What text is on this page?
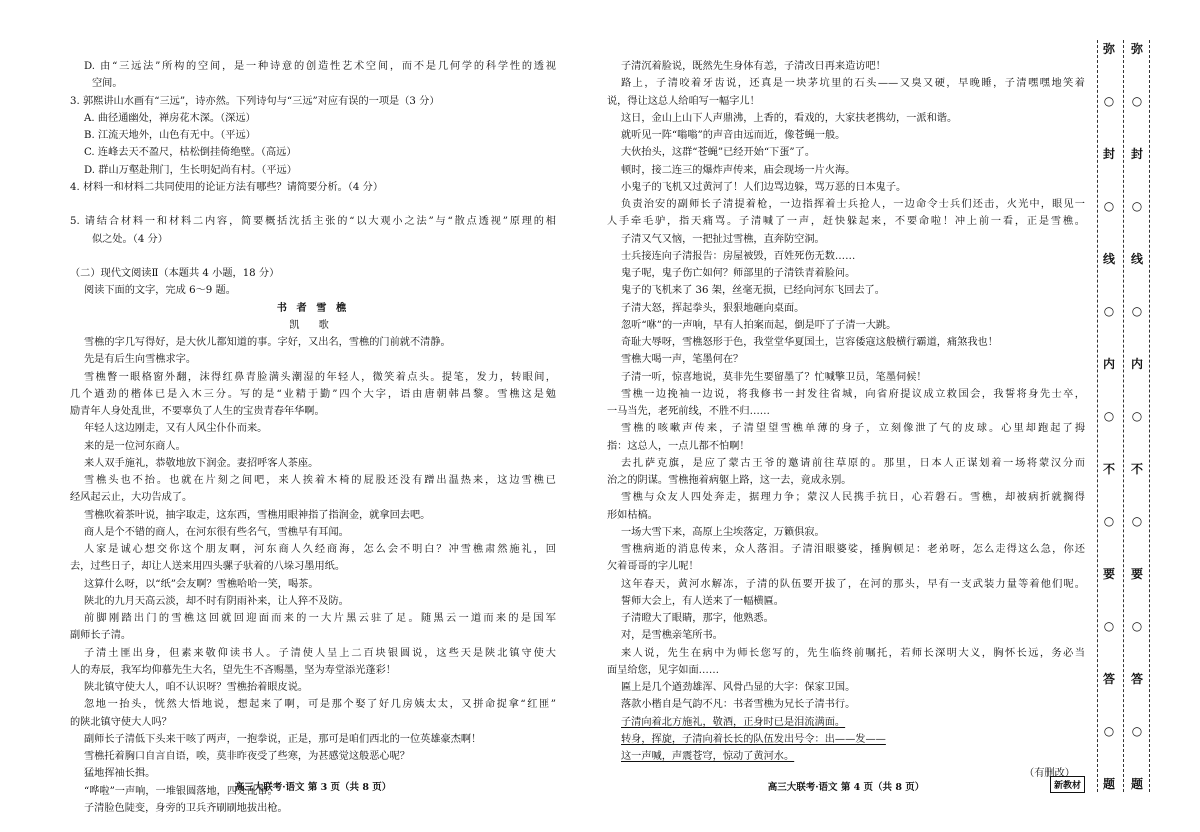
D. 由“三远法”所构的空间，是一种诗意的创造性艺术空间，而不是几何学的科学性的透视

空间。

3. 郭熙讲山水画有“三远”，诗亦然。下列诗句与“三远”对应有误的一项是（3 分）

A. 曲径通幽处，禅房花木深。（深远）

B. 江流天地外，山色有无中。（平远）

C. 连峰去天不盈尺，枯松倒挂倚绝壁。（高远）

D. 群山万壑赴荆门，生长明妃尚有村。（平远）

4. 材料一和材料二共同使用的论证方法有哪些？请简要分析。（4 分）

5. 请结合材料一和材料二内容，简要概括沈括主张的“以大观小之法”与“散点透视”原理的相

似之处。（4 分）

（二）现代文阅读Ⅱ（本题共 4 小题，18 分）

阅读下面的文字，完成 6～9 题。

书 者 雪 樵

凯 歌

雪樵的字几写得好，是大伙儿都知道的事。字好，又出名，雪樵的门前就不清静。

先是有后生向雪樵求字。

雪樵瞥一眼格窗外翻，沫得红鼻青脸满头潮湿的年轻人，微笑着点头。提笔，发力，转眼间，

几个遒劲的楷体已是入木三分。写的是“业精于勤”四个大字，语由唐朝韩昌黎。雪樵这是勉

励青年人身处乱世，不要辜负了人生的宝贵青春年华啊。

年轻人这边刚走，又有人风尘仆仆而来。

来的是一位河东商人。

来人双手施礼，恭敬地放下润金。妻招呼客人茶座。

雪樵头也不抬。也就在片刻之间吧，来人挨着木椅的屁股还没有蹭出温热来，这边雪樵已

经风起云止，大功告成了。

雪樵吹着茶叶说，抽字取走，这东西，雪樵用眼神指了指润金，就拿回去吧。

商人是个不错的商人，在河东很有些名气，雪樵早有耳闻。

人家是诚心想交你这个朋友啊，河东商人久经商海，怎么会不明白？冲雪樵肃然施礼，回

去，过些日子，却让人送来用四头骡子驮着的八垛习墨用纸。

这算什么呀，以“纸”会友啊？雪樵哈哈一笑，喝茶。

陕北的九月天高云淡，却不时有阴雨补来，让人猝不及防。

前脚刚踏出门的雪樵这回就回迎面而来的一大片黑云驻了足。随黑云一道而来的是国军

副师长子清。

子清土匪出身，但素来敬仰读书人。子清使人呈上二百块银圆说，这些天是陕北镇守使大

人的寿辰，我军均仰慕先生大名，望先生不吝赐墨，坚为寿堂添光蓬彩！

陕北镇守使大人，咱不认识呀？雪樵抬着眼皮说。

忽地一抬头，恍然大悟地说，想起来了啊，可是那个娶了好几房姨太太，又拼命捉拿“红匪”

的陕北镇守使大人吗？

副师长子清低下头来干咳了两声，一抱拳说，正是，那可是咱们西北的一位英雄豪杰啊！

雪樵托着胸口自言自语，唉，莫非昨夜受了些寒，为甚感觉这般恶心呢？

猛地挥袖长揖。

“哗啦”一声响，一堆银圆落地，四处乱窜。

子清脸色陡变，身旁的卫兵齐刷刷地拔出枪。

高三大联考·语文 第 3 页（共 8 页）

子清沉着脸说，既然先生身体有恙，子清改日再来造访吧！

路上，子清咬着牙齿说，还真是一块茅坑里的石头——又臭又硬，早晚睡，子清嘿嘿地笑着

说，得让这总人给咱写一幅字儿！

这日，金山上山下人声鼎沸，上香的，看戏的，大家扶老携幼，一派和谐。

就听见一阵“嗡嗡”的声音由远而近，像苍蝇一般。

大伙抬头，这群“苍蝇”已经开始“下蛋”了。

顿时，接二连三的爆炸声传来，庙会现场一片火海。

小鬼子的飞机又过黄河了！人们边骂边躲，骂万恶的日本鬼子。

负责治安的副师长子清提着枪，一边指挥着士兵抢人，一边命令士兵们还击，火光中，眼见一

人手牵毛驴，指天痛骂。子清喊了一声，赶快躲起来，不要命啦！冲上前一看，正是雪樵。

子清又气又恼，一把扯过雪樵，直奔防空洞。

士兵接连向子清报告：房屋被毁，百姓死伤无数……

鬼子呢，鬼子伤亡如何？师部里的子清铁青着脸问。

鬼子的飞机来了 36 架，丝毫无损，已经向河东飞回去了。

子清大怒，挥起拳头，狠狠地砸向桌面。

忽听“咻”的一声响，早有人拍案而起，倒是吓了子清一大跳。

奇耻大辱呀，雪樵怒形于色，我堂堂华夏国土，岂容倭寇这般横行霸道，痛煞我也！

雪樵大喝一声，笔墨何在？

子清一听，惊喜地说，莫非先生要留墨了？忙喊擎卫员，笔墨伺候！

雪樵一边挽袖一边说，将我修书一封发往省城，向省府提议成立救国会，我誓将身先士卒，

一马当先，老死前线，不胜不归……

雪樵的咳嗽声传来，子清望望雪樵单薄的身子，立刻像泄了气的皮球。心里却跑起了拇

指：这总人，一点儿都不怕啊！

去扎萨克旗，是应了蒙古王爷的邀请前往草原的。那里，日本人正谋划着一场将蒙汉分而

治之的阴谋。雪樵拖着病躯上路，这一去，竟成永别。

雪樵与众友人四处奔走，据理力争；蒙汉人民携手抗日，心若磐石。雪樵，却被病折就搁得

形如枯槁。

一场大雪下来，高原上尘埃落定，万籁俱寂。

雪樵病逝的消息传来，众人落泪。子清泪眼婆娑，捶胸顿足：老弟呀，怎么走得这么急，你还

欠着哥哥的字儿呢！

这年春天，黄河水解冻，子清的队伍要开拔了，在河的那头，早有一支武装力量等着他们呢。

誓师大会上，有人送来了一幅横匾。

子清瞪大了眼睛，那字，他熟悉。

对，是雪樵亲笔所书。

来人说，先生在病中为师长您写的，先生临终前嘱托，若师长深明大义，胸怀长远，务必当

面呈给您，见字如面……

匾上是几个遒劲雄浑、风骨凸显的大字：保家卫国。

落款小楷自是气韵不凡：书者雪樵为兄长子清书行。

子清向着北方施礼，敬酒，正身时已是泪流满面。

转身，挥旋，子清向着长长的队伍发出号令：出——发——

这一声喊，声震苍穹，惊动了黄河水。

（有删改）

高三大联考·语文 第 4 页（共 8 页）	新教材
弥
○
封
○
线
○
内
○
不
○
要
○
答
○
题
弥
○
封
○
线
○
内
○
不
○
要
○
答
○
题
